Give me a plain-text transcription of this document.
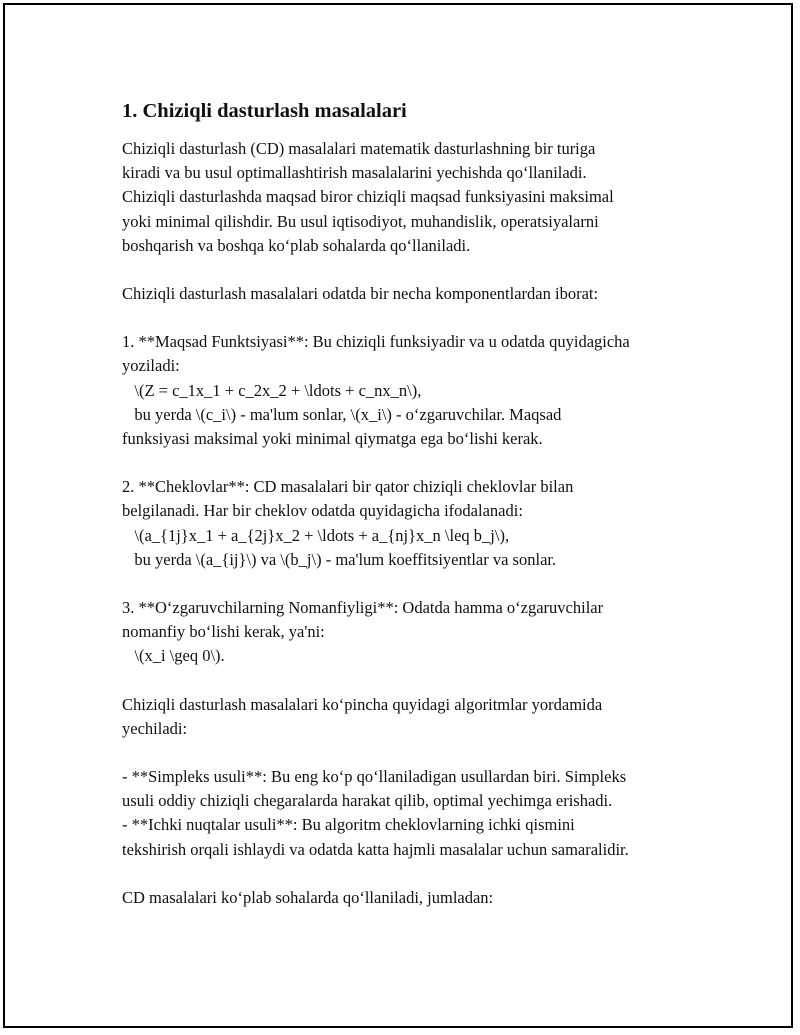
1. Chiziqli dasturlash masalalari
Chiziqli dasturlash (CD) masalalari matematik dasturlashning bir turiga
kiradi va bu usul optimallashtirish masalalarini yechishda qo‘llaniladi.
Chiziqli dasturlashda maqsad biror chiziqli maqsad funksiyasini maksimal
yoki minimal qilishdir. Bu usul iqtisodiyot, muhandislik, operatsiyalarni
boshqarish va boshqa ko‘plab sohalarda qo‘llaniladi.
Chiziqli dasturlash masalalari odatda bir necha komponentlardan iborat:
1. **Maqsad Funktsiyasi**: Bu chiziqli funksiyadir va u odatda quyidagicha
yoziladi:
\(Z = c_1x_1 + c_2x_2 + \ldots + c_nx_n\),
bu yerda \(c_i\) - ma'lum sonlar, \(x_i\) - o‘zgaruvchilar. Maqsad
funksiyasi maksimal yoki minimal qiymatga ega bo‘lishi kerak.
2. **Cheklovlar**: CD masalalari bir qator chiziqli cheklovlar bilan
belgilanadi. Har bir cheklov odatda quyidagicha ifodalanadi:
\(a_{1j}x_1 + a_{2j}x_2 + \ldots + a_{nj}x_n \leq b_j\),
bu yerda \(a_{ij}\) va \(b_j\) - ma'lum koeffitsiyentlar va sonlar.
3. **O‘zgaruvchilarning Nomanfiyligi**: Odatda hamma o‘zgaruvchilar
nomanfiy bo‘lishi kerak, ya'ni:
\(x_i \geq 0\).
Chiziqli dasturlash masalalari ko‘pincha quyidagi algoritmlar yordamida
yechiladi:
- **Simpleks usuli**: Bu eng ko‘p qo‘llaniladigan usullardan biri. Simpleks
usuli oddiy chiziqli chegaralarda harakat qilib, optimal yechimga erishadi.
- **Ichki nuqtalar usuli**: Bu algoritm cheklovlarning ichki qismini
tekshirish orqali ishlaydi va odatda katta hajmli masalalar uchun samaralidir.
CD masalalari ko‘plab sohalarda qo‘llaniladi, jumladan:
